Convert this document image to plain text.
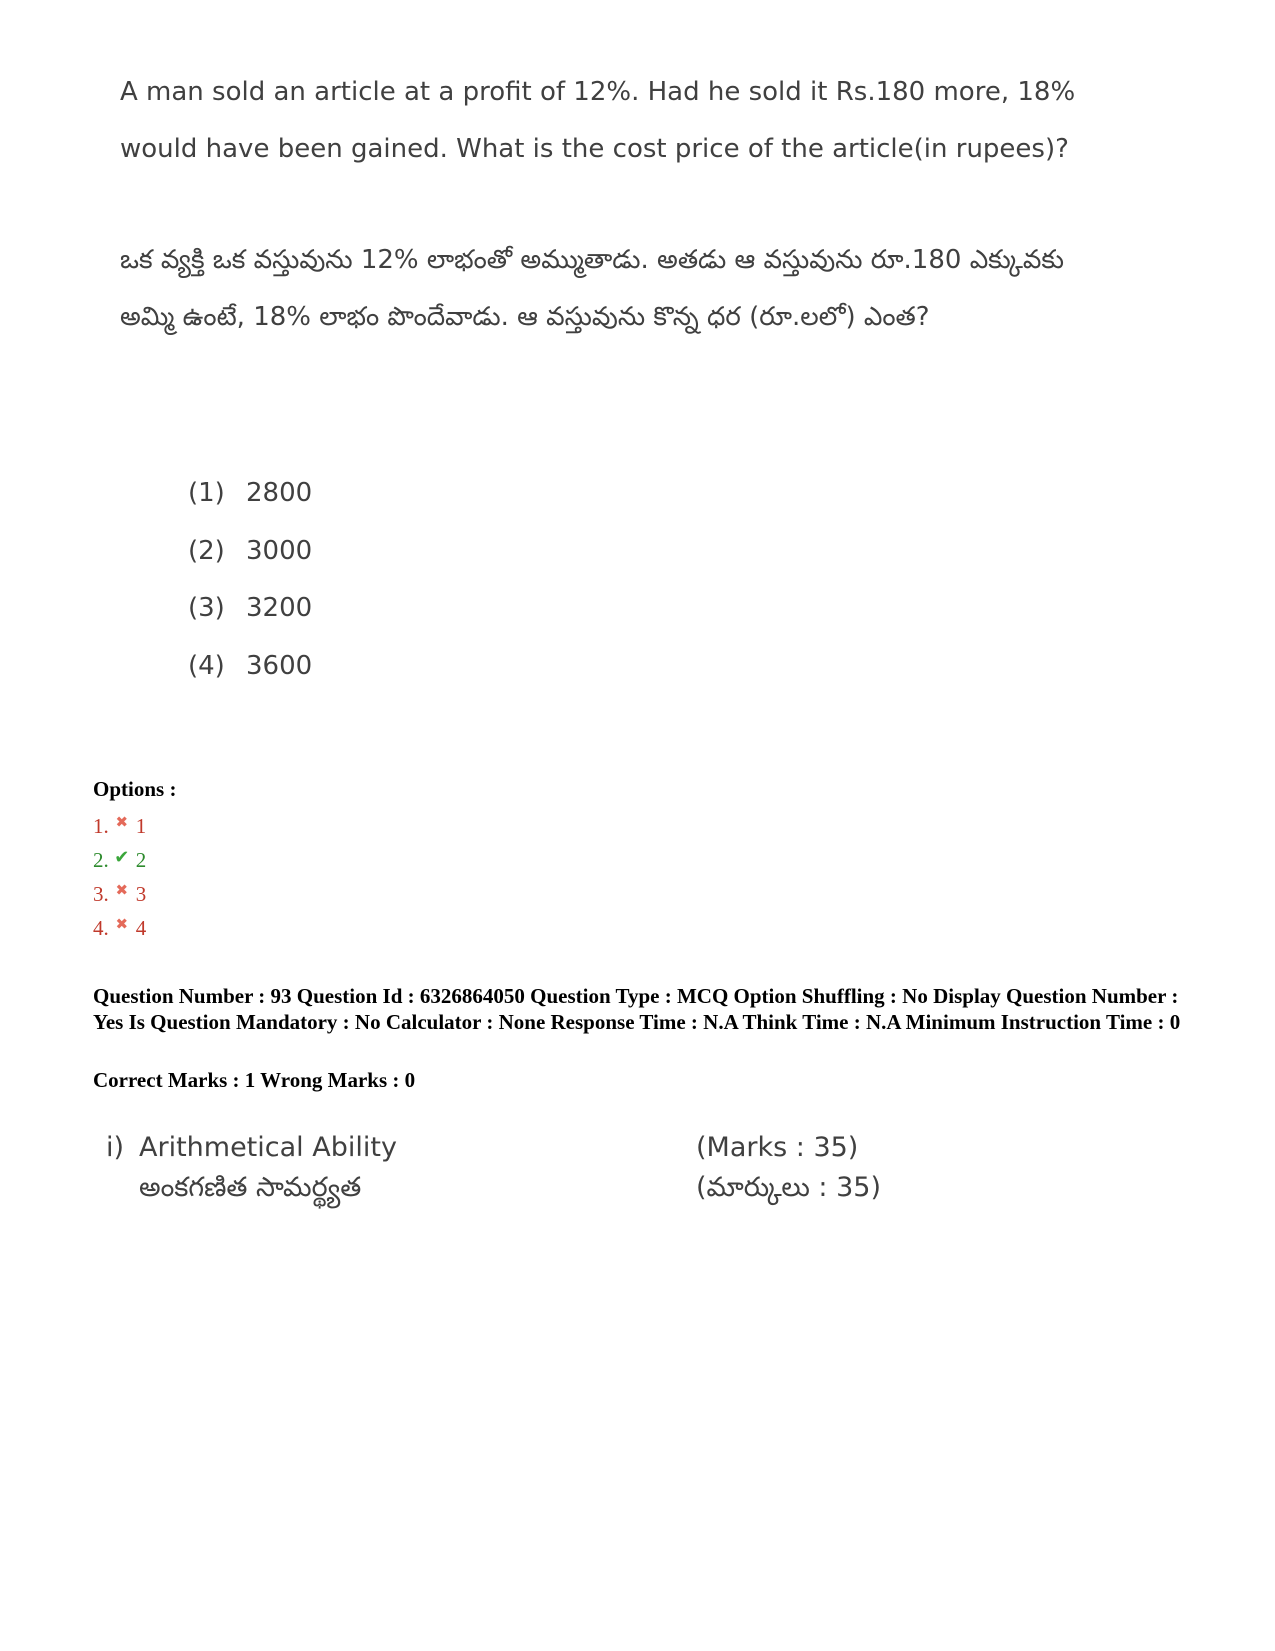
A man sold an article at a profit of 12%. Had he sold it Rs.180 more, 18% would have been gained. What is the cost price of the article(in rupees)?
ఒక వ్యక్తి ఒక వస్తువును 12% లాభంతో అమ్ముతాడు. అతడు ఆ వస్తువును రూ.180 ఎక్కువకు అమ్మి ఉంటే, 18% లాభం పొందేవాడు. ఆ వస్తువును కొన్న ధర (రూ.లలో) ఎంత?
(1) 2800
(2) 3000
(3) 3200
(4) 3600
Options :
1. ✖ 1
2. ✔ 2
3. ✖ 3
4. ✖ 4
Question Number : 93 Question Id : 6326864050 Question Type : MCQ Option Shuffling : No Display Question Number : Yes Is Question Mandatory : No Calculator : None Response Time : N.A Think Time : N.A Minimum Instruction Time : 0
Correct Marks : 1 Wrong Marks : 0
i) Arithmetical Ability	(Marks : 35)
అంకగణిత సామర్థ్యత	(మార్కులు : 35)
